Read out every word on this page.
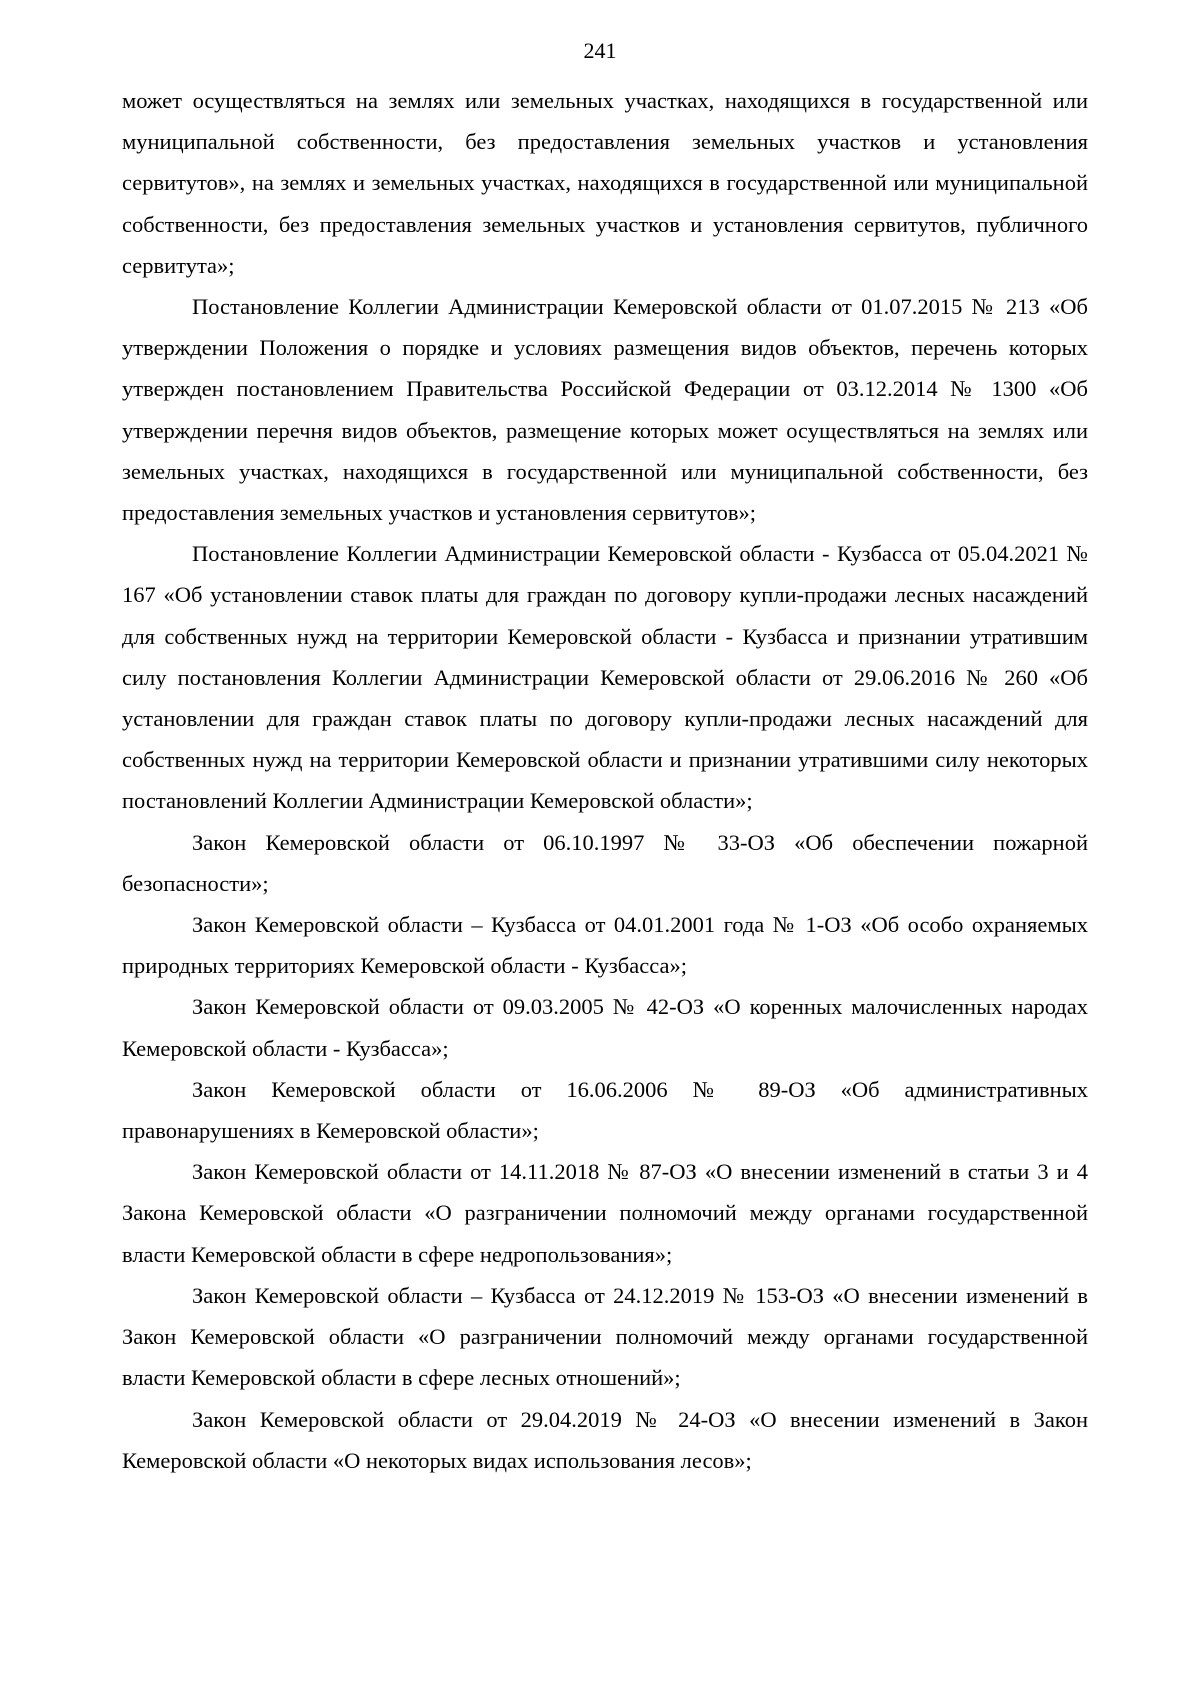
241

может осуществляться на землях или земельных участках, находящихся в государственной или муниципальной собственности, без предоставления земельных участков и установления сервитутов», на землях и земельных участках, находящихся в государственной или муниципальной собственности, без предоставления земельных участков и установления сервитутов, публичного сервитута»;

Постановление Коллегии Администрации Кемеровской области от 01.07.2015 № 213 «Об утверждении Положения о порядке и условиях размещения видов объектов, перечень которых утвержден постановлением Правительства Российской Федерации от 03.12.2014 № 1300 «Об утверждении перечня видов объектов, размещение которых может осуществляться на землях или земельных участках, находящихся в государственной или муниципальной собственности, без предоставления земельных участков и установления сервитутов»;

Постановление Коллегии Администрации Кемеровской области - Кузбасса от 05.04.2021 № 167 «Об установлении ставок платы для граждан по договору купли-продажи лесных насаждений для собственных нужд на территории Кемеровской области - Кузбасса и признании утратившим силу постановления Коллегии Администрации Кемеровской области от 29.06.2016 № 260 «Об установлении для граждан ставок платы по договору купли-продажи лесных насаждений для собственных нужд на территории Кемеровской области и признании утратившими силу некоторых постановлений Коллегии Администрации Кемеровской области»;

Закон Кемеровской области от 06.10.1997 № 33-ОЗ «Об обеспечении пожарной безопасности»;

Закон Кемеровской области – Кузбасса от 04.01.2001 года № 1-ОЗ «Об особо охраняемых природных территориях Кемеровской области - Кузбасса»;

Закон Кемеровской области от 09.03.2005 № 42-ОЗ «О коренных малочисленных народах Кемеровской области - Кузбасса»;

Закон Кемеровской области от 16.06.2006 № 89-ОЗ «Об административных правонарушениях в Кемеровской области»;

Закон Кемеровской области от 14.11.2018 № 87-ОЗ «О внесении изменений в статьи 3 и 4 Закона Кемеровской области «О разграничении полномочий между органами государственной власти Кемеровской области в сфере недропользования»;

Закон Кемеровской области – Кузбасса от 24.12.2019 № 153-ОЗ «О внесении изменений в Закон Кемеровской области «О разграничении полномочий между органами государственной власти Кемеровской области в сфере лесных отношений»;

Закон Кемеровской области от 29.04.2019 № 24-ОЗ «О внесении изменений в Закон Кемеровской области «О некоторых видах использования лесов»;
